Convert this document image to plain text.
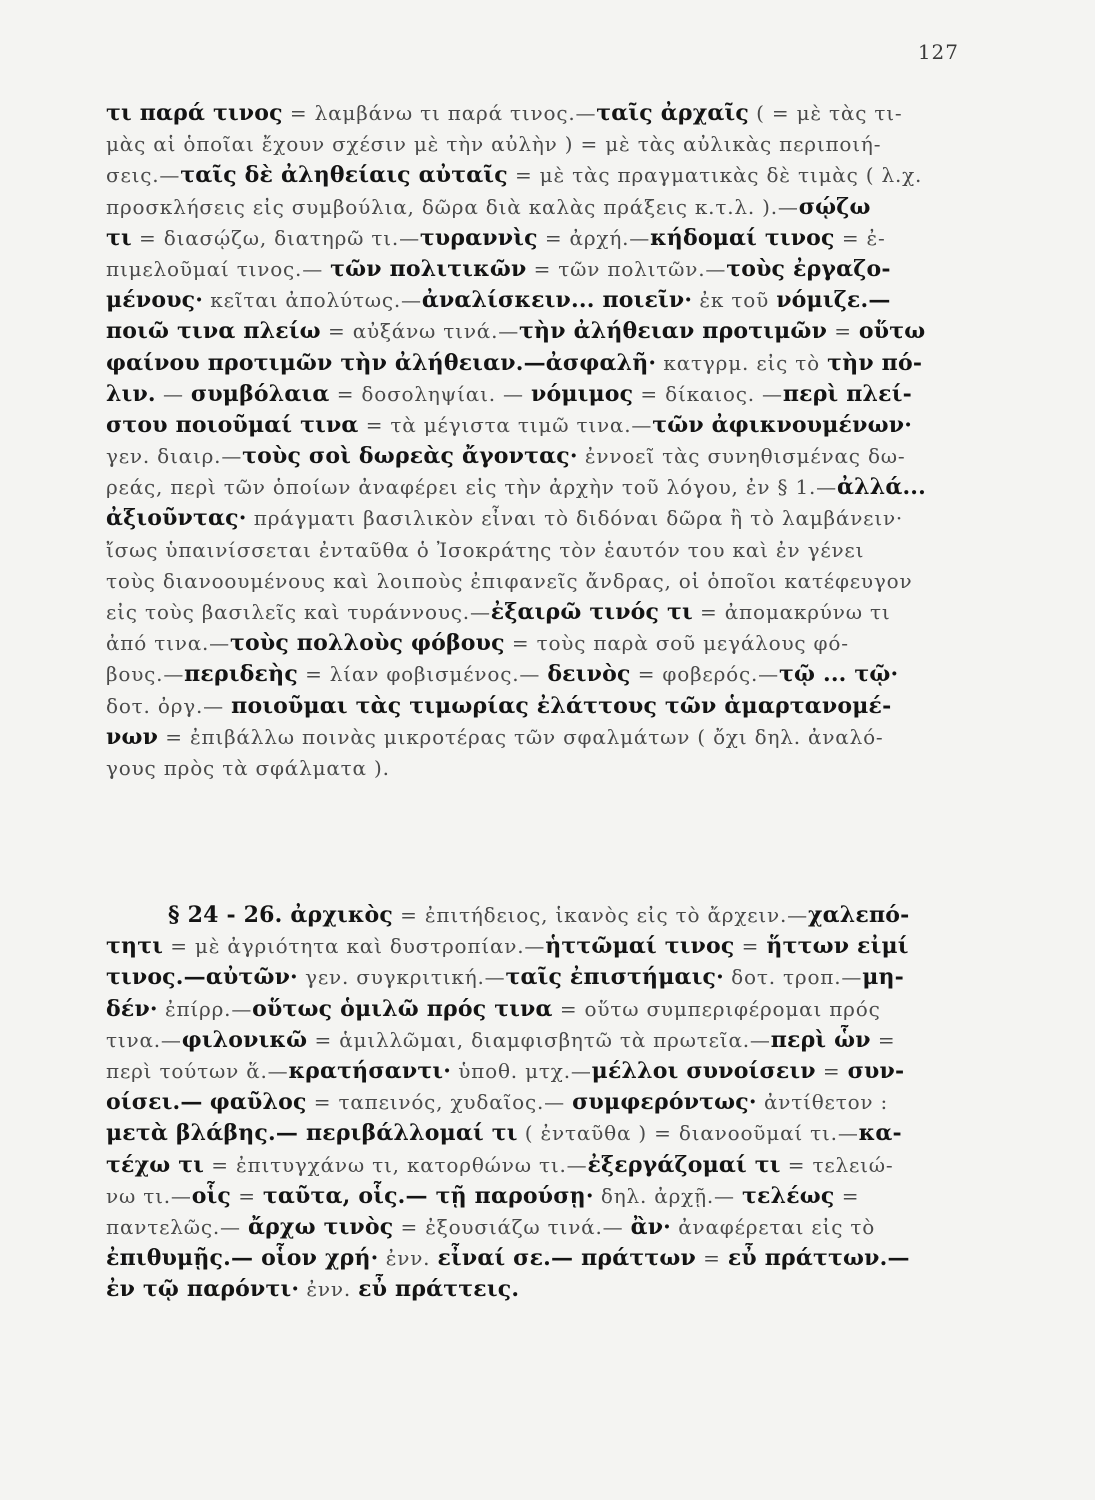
127
τι παρά τινος = λαμβάνω τι παρά τινος.—ταῖς ἀρχαῖς ( = μὲ τὰς τι-
μὰς αἱ ὁποῖαι ἔχουν σχέσιν μὲ τὴν αὐλὴν ) = μὲ τὰς αὐλικὰς περιποιή-
σεις.—ταῖς δὲ ἀληθείαις αὐταῖς = μὲ τὰς πραγματικὰς δὲ τιμὰς ( λ.χ.
προσκλήσεις εἰς συμβούλια, δῶρα διὰ καλὰς πράξεις κ.τ.λ. ).—σῴζω
τι = διασῴζω, διατηρῶ τι.—τυραννὶς = ἀρχή.—κήδομαί τινος = ἐ-
πιμελοῦμαί τινος.— τῶν πολιτικῶν = τῶν πολιτῶν.—τοὺς ἐργαζο-
μένους· κεῖται ἀπολύτως.—ἀναλίσκειν... ποιεῖν· ἐκ τοῦ νόμιζε.—
ποιῶ τινα πλείω = αὐξάνω τινά.—τὴν ἀλήθειαν προτιμῶν = οὕτω
φαίνου προτιμῶν τὴν ἀλήθειαν.—ἀσφαλῆ· κατγρμ. εἰς τὸ τὴν πό-
λιν. — συμβόλαια = δοσοληψίαι. — νόμιμος = δίκαιος. —περὶ πλεί-
στου ποιοῦμαί τινα = τὰ μέγιστα τιμῶ τινα.—τῶν ἀφικνουμένων·
γεν. διαιρ.—τοὺς σοὶ δωρεὰς ἄγοντας· ἐννοεῖ τὰς συνηθισμένας δω-
ρεάς, περὶ τῶν ὁποίων ἀναφέρει εἰς τὴν ἀρχὴν τοῦ λόγου, ἐν § 1.—ἀλλά...
ἀξιοῦντας· πράγματι βασιλικὸν εἶναι τὸ διδόναι δῶρα ἢ τὸ λαμβάνειν·
ἴσως ὑπαινίσσεται ἐνταῦθα ὁ Ἰσοκράτης τὸν ἑαυτόν του καὶ ἐν γένει
τοὺς διανοουμένους καὶ λοιποὺς ἐπιφανεῖς ἄνδρας, οἱ ὁποῖοι κατέφευγον
εἰς τοὺς βασιλεῖς καὶ τυράννους.—ἐξαιρῶ τινός τι = ἀπομακρύνω τι
ἀπό τινα.—τοὺς πολλοὺς φόβους = τοὺς παρὰ σοῦ μεγάλους φό-
βους.—περιδεὴς = λίαν φοβισμένος.— δεινὸς = φοβερός.—τῷ ... τῷ·
δοτ. ὀργ.— ποιοῦμαι τὰς τιμωρίας ἐλάττους τῶν ἁμαρτανομέ-
νων = ἐπιβάλλω ποινὰς μικροτέρας τῶν σφαλμάτων ( ὄχι δηλ. ἀναλό-
γους πρὸς τὰ σφάλματα ).
§ 24 - 26. ἀρχικὸς = ἐπιτήδειος, ἱκανὸς εἰς τὸ ἄρχειν.—χαλεπό-
τητι = μὲ ἀγριότητα καὶ δυστροπίαν.—ἡττῶμαί τινος = ἥττων εἰμί
τινος.—αὐτῶν· γεν. συγκριτική.—ταῖς ἐπιστήμαις· δοτ. τροπ.—μη-
δέν· ἐπίρρ.—οὕτως ὁμιλῶ πρός τινα = οὕτω συμπεριφέρομαι πρός
τινα.—φιλονικῶ = ἁμιλλῶμαι, διαμφισβητῶ τὰ πρωτεῖα.—περὶ ὧν =
περὶ τούτων ἅ.—κρατήσαντι· ὑποθ. μτχ.—μέλλοι συνοίσειν = συν-
οίσει.— φαῦλος = ταπεινός, χυδαῖος.— συμφερόντως· ἀντίθετον :
μετὰ βλάβης.— περιβάλλομαί τι ( ἐνταῦθα ) = διανοοῦμαί τι.—κα-
τέχω τι = ἐπιτυγχάνω τι, κατορθώνω τι.—ἐξεργάζομαί τι = τελειώ-
νω τι.—οἷς = ταῦτα, οἷς.— τῇ παρούσῃ· δηλ. ἀρχῇ.— τελέως =
παντελῶς.— ἄρχω τινὸς = ἐξουσιάζω τινά.— ἂν· ἀναφέρεται εἰς τὸ
ἐπιθυμῇς.— οἷον χρή· ἐνν. εἶναί σε.— πράττων = εὖ πράττων.—
ἐν τῷ παρόντι· ἐνν. εὖ πράττεις.
